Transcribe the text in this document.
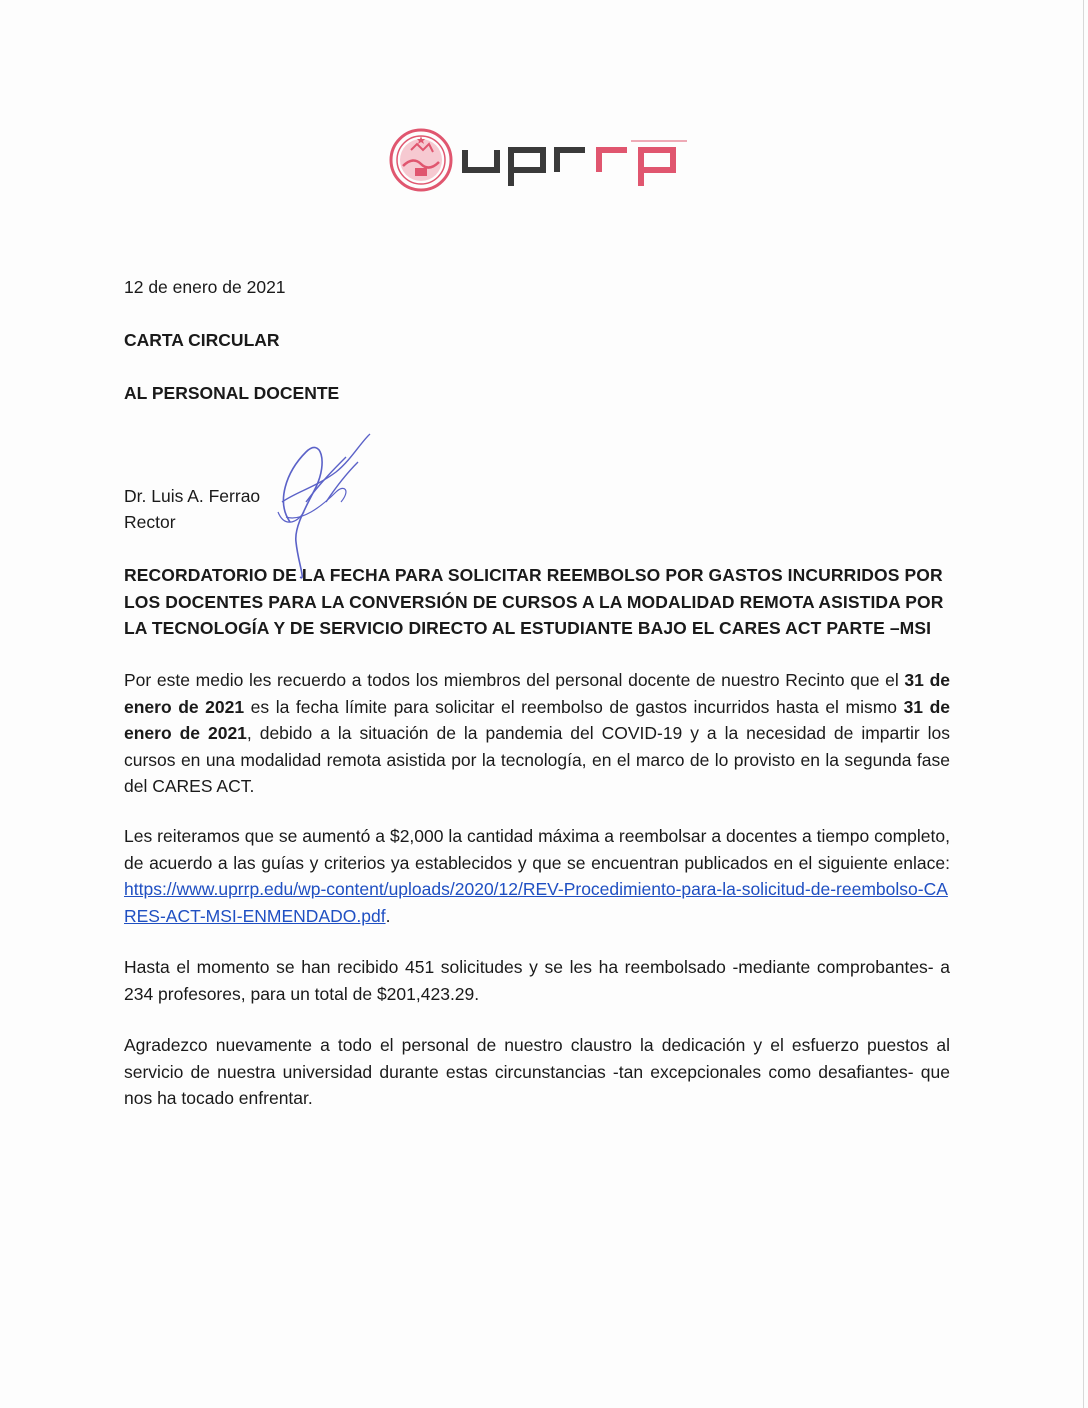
12 de enero de 2021
CARTA CIRCULAR
AL PERSONAL DOCENTE
Dr. Luis A. Ferrao
Rector
RECORDATORIO DE LA FECHA PARA SOLICITAR REEMBOLSO POR GASTOS INCURRIDOS POR LOS DOCENTES PARA LA CONVERSIÓN DE CURSOS A LA MODALIDAD REMOTA ASISTIDA POR LA TECNOLOGÍA Y DE SERVICIO DIRECTO AL ESTUDIANTE BAJO EL CARES ACT PARTE –MSI
Por este medio les recuerdo a todos los miembros del personal docente de nuestro Recinto que el 31 de enero de 2021 es la fecha límite para solicitar el reembolso de gastos incurridos hasta el mismo 31 de enero de 2021, debido a la situación de la pandemia del COVID-19 y a la necesidad de impartir los cursos en una modalidad remota asistida por la tecnología, en el marco de lo provisto en la segunda fase del CARES ACT.
Les reiteramos que se aumentó a $2,000 la cantidad máxima a reembolsar a docentes a tiempo completo, de acuerdo a las guías y criterios ya establecidos y que se encuentran publicados en el siguiente enlace: https://www.uprrp.edu/wp-content/uploads/2020/12/REV-Procedimiento-para-la-solicitud-de-reembolso-CARES-ACT-MSI-ENMENDADO.pdf.
Hasta el momento se han recibido 451 solicitudes y se les ha reembolsado -mediante comprobantes- a 234 profesores, para un total de $201,423.29.
Agradezco nuevamente a todo el personal de nuestro claustro la dedicación y el esfuerzo puestos al servicio de nuestra universidad durante estas circunstancias -tan excepcionales como desafiantes- que nos ha tocado enfrentar.
